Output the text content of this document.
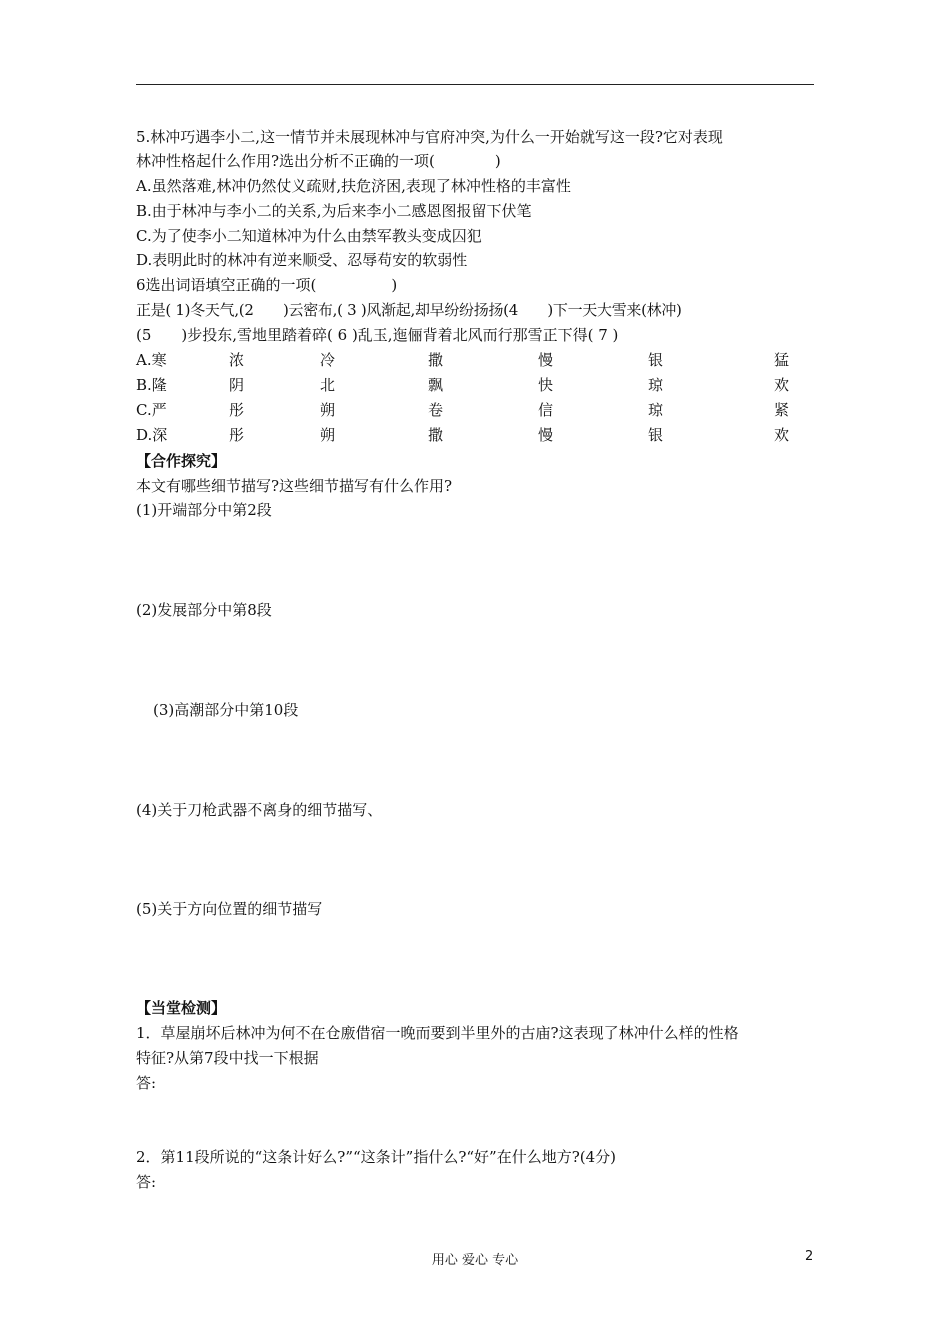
5.林冲巧遇李小二,这一情节并未展现林冲与官府冲突,为什么一开始就写这一段?它对表现
林冲性格起什么作用?选出分析不正确的一项(　　　　)
A.虽然落难,林冲仍然仗义疏财,扶危济困,表现了林冲性格的丰富性
B.由于林冲与李小二的关系,为后来李小二感恩图报留下伏笔
C.为了使李小二知道林冲为什么由禁军教头变成囚犯
D.表明此时的林冲有逆来顺受、忍辱苟安的软弱性
6选出词语填空正确的一项(　　　　　)
正是( 1)冬天气,(2　　)云密布,( 3 )风渐起,却早纷纷扬扬(4　　)下一天大雪来(林冲)
(5　　)步投东,雪地里踏着碎( 6 )乱玉,迤俪背着北风而行那雪正下得( 7 )
A.寒	浓	冷	撒	慢	银	猛
B.隆	阴	北	飘	快	琼	欢
C.严	彤	朔	卷	信	琼	紧
D.深	彤	朔	撒	慢	银	欢
【合作探究】
本文有哪些细节描写?这些细节描写有什么作用?
(1)开端部分中第2段
(2)发展部分中第8段
(3)高潮部分中第10段
(4)关于刀枪武器不离身的细节描写、
(5)关于方向位置的细节描写
【当堂检测】
1．草屋崩坏后林冲为何不在仓廒借宿一晚而要到半里外的古庙?这表现了林冲什么样的性格
特征?从第7段中找一下根据
答:
2．第11段所说的“这条计好么?”“这条计”指什么?“好”在什么地方?(4分)
答:
用心 爱心 专心	2
